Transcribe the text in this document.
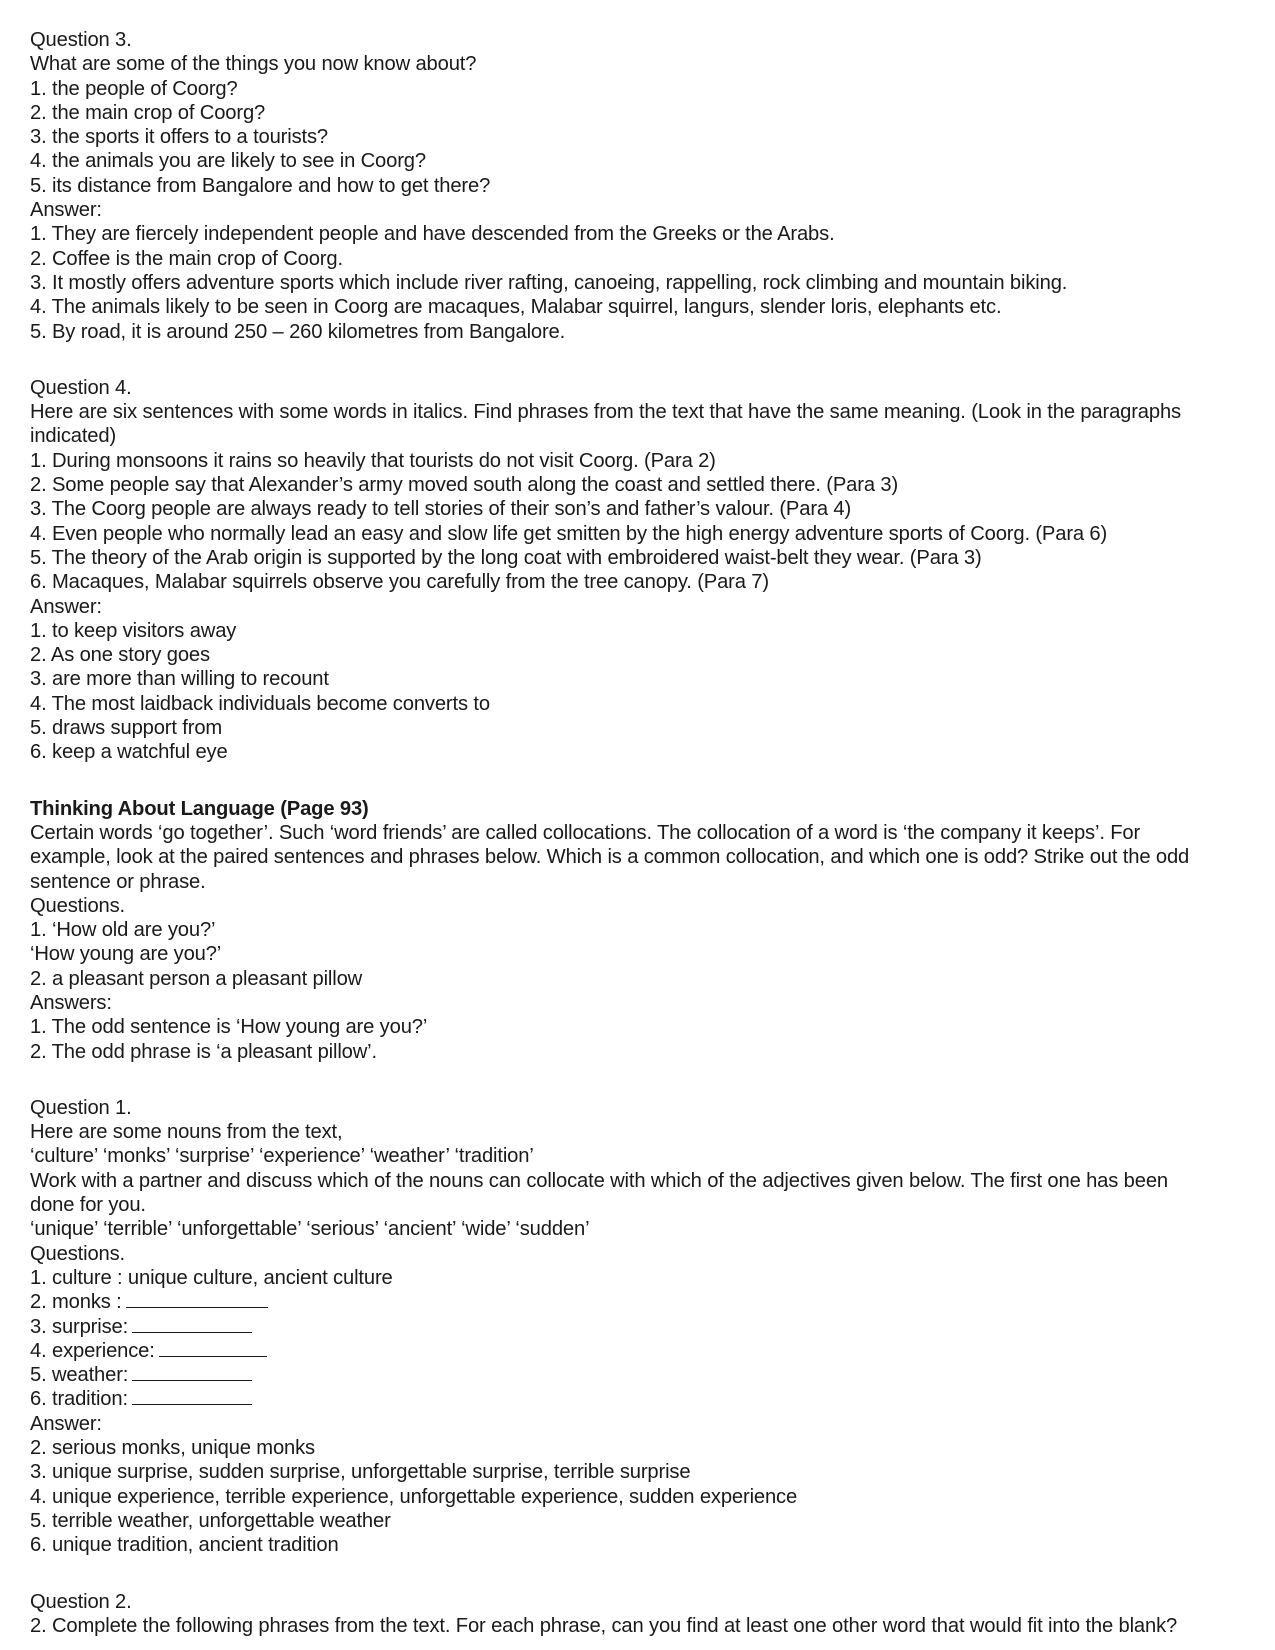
Question 3.
What are some of the things you now know about?
1. the people of Coorg?
2. the main crop of Coorg?
3. the sports it offers to a tourists?
4. the animals you are likely to see in Coorg?
5. its distance from Bangalore and how to get there?
Answer:
1. They are fiercely independent people and have descended from the Greeks or the Arabs.
2. Coffee is the main crop of Coorg.
3. It mostly offers adventure sports which include river rafting, canoeing, rappelling, rock climbing and mountain biking.
4. The animals likely to be seen in Coorg are macaques, Malabar squirrel, langurs, slender loris, elephants etc.
5. By road, it is around 250 – 260 kilometres from Bangalore.
Question 4.
Here are six sentences with some words in italics. Find phrases from the text that have the same meaning. (Look in the paragraphs
indicated)
1. During monsoons it rains so heavily that tourists do not visit Coorg. (Para 2)
2. Some people say that Alexander’s army moved south along the coast and settled there. (Para 3)
3. The Coorg people are always ready to tell stories of their son’s and father’s valour. (Para 4)
4. Even people who normally lead an easy and slow life get smitten by the high energy adventure sports of Coorg. (Para 6)
5. The theory of the Arab origin is supported by the long coat with embroidered waist-belt they wear. (Para 3)
6. Macaques, Malabar squirrels observe you carefully from the tree canopy. (Para 7)
Answer:
1. to keep visitors away
2. As one story goes
3. are more than willing to recount
4. The most laidback individuals become converts to
5. draws support from
6. keep a watchful eye
Thinking About Language (Page 93)
Certain words ‘go together’. Such ‘word friends’ are called collocations. The collocation of a word is ‘the company it keeps’. For
example, look at the paired sentences and phrases below. Which is a common collocation, and which one is odd? Strike out the odd
sentence or phrase.
Questions.
1. ‘How old are you?’
‘How young are you?’
2. a pleasant person a pleasant pillow
Answers:
1. The odd sentence is ‘How young are you?’
2. The odd phrase is ‘a pleasant pillow’.
Question 1.
Here are some nouns from the text,
‘culture’ ‘monks’ ‘surprise’ ‘experience’ ‘weather’ ‘tradition’
Work with a partner and discuss which of the nouns can collocate with which of the adjectives given below. The first one has been
done for you.
‘unique’ ‘terrible’ ‘unforgettable’ ‘serious’ ‘ancient’ ‘wide’ ‘sudden’
Questions.
1. culture : unique culture, ancient culture
2. monks :
3. surprise:
4. experience:
5. weather:
6. tradition:
Answer:
2. serious monks, unique monks
3. unique surprise, sudden surprise, unforgettable surprise, terrible surprise
4. unique experience, terrible experience, unforgettable experience, sudden experience
5. terrible weather, unforgettable weather
6. unique tradition, ancient tradition
Question 2.
2. Complete the following phrases from the text. For each phrase, can you find at least one other word that would fit into the blank?
